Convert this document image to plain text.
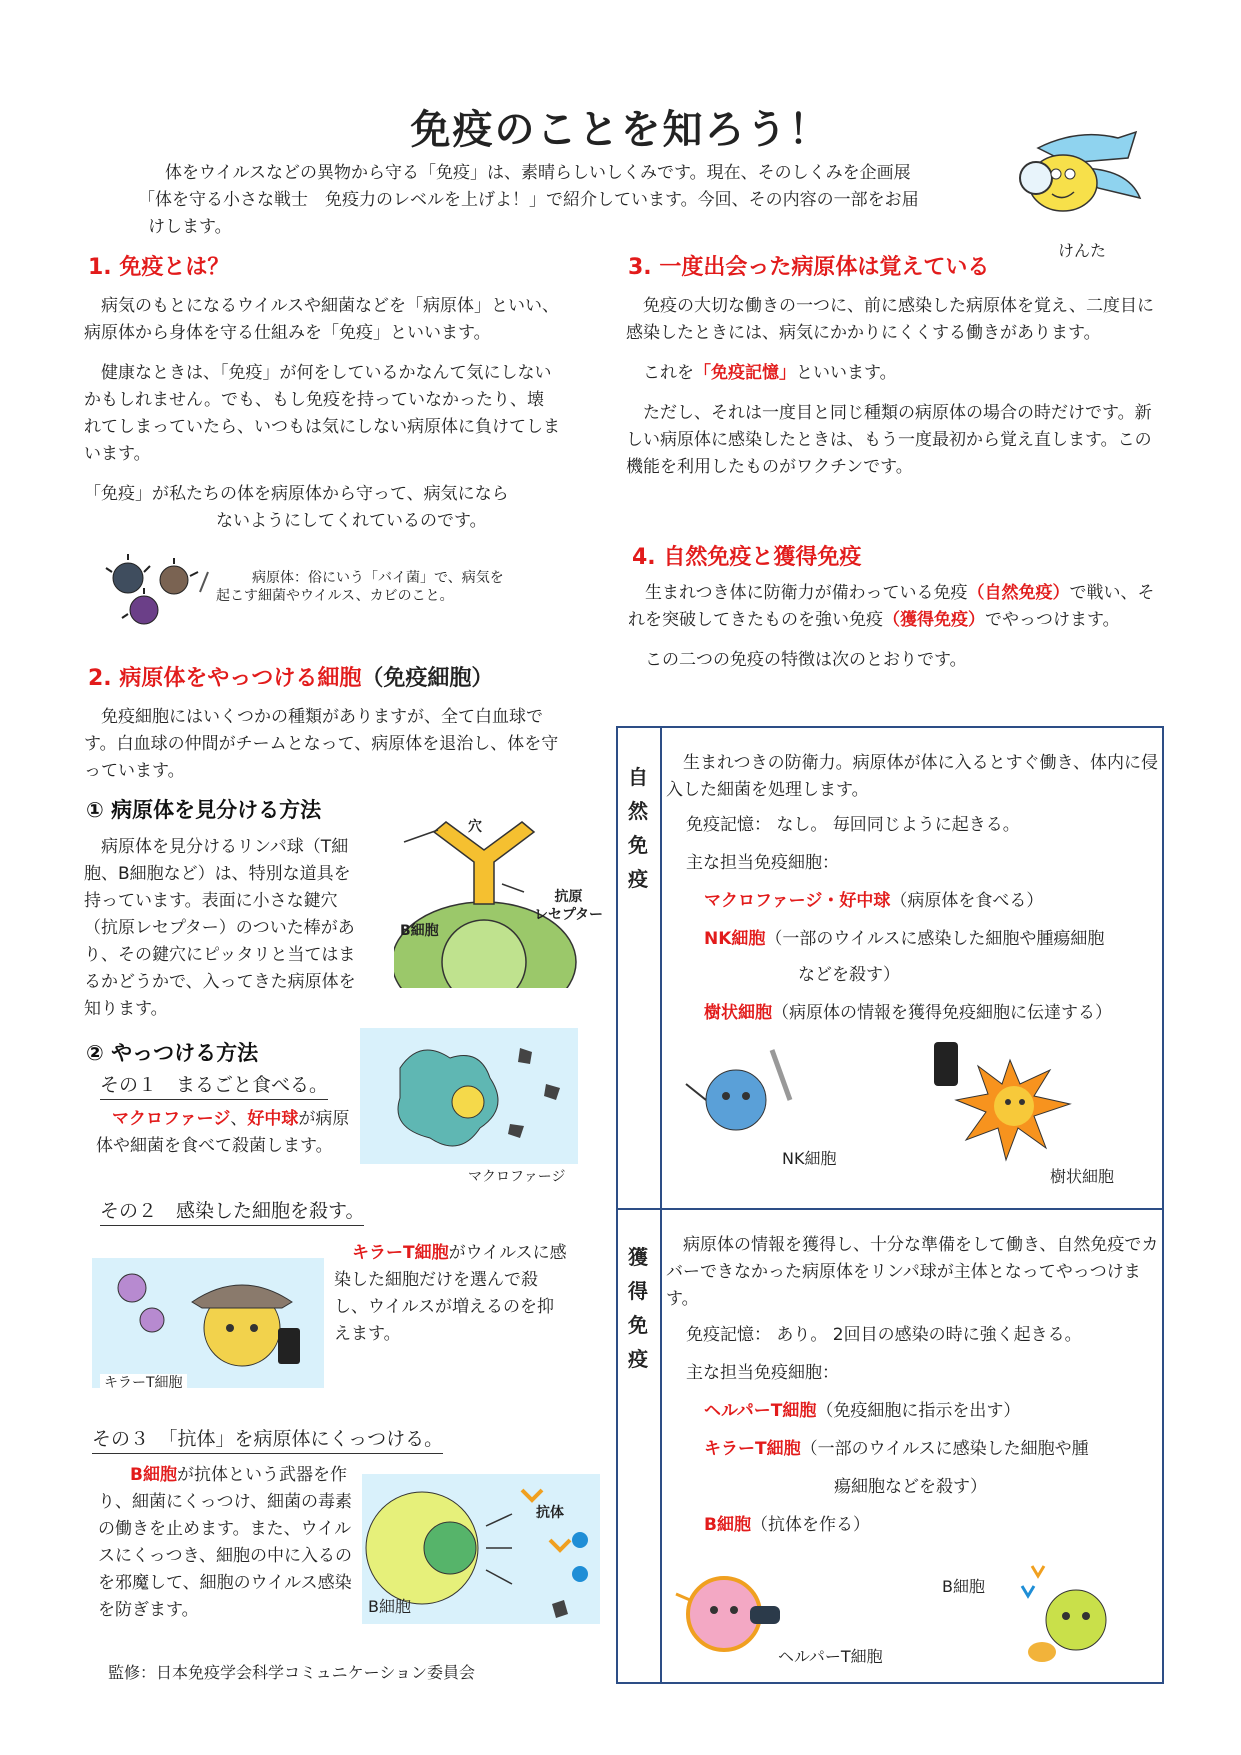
免疫のことを知ろう！

体をウイルスなどの異物から守る「免疫」は、素晴らしいしくみです。現在、そのしくみを企画展

「体を守る小さな戦士　免疫力のレベルを上げよ！」で紹介しています。今回、その内容の一部をお届

けします。

けんた
1. 免疫とは？

　病気のもとになるウイルスや細菌などを「病原体」といい、病原体から身体を守る仕組みを「免疫」といいます。

　健康なときは、「免疫」が何をしているかなんて気にしないかもしれません。でも、もし免疫を持っていなかったり、壊れてしまっていたら、いつもは気にしない病原体に負けてしまいます。

「免疫」が私たちの体を病原体から守って、病気になら

ないようにしてくれているのです。

病原体：俗にいう「バイ菌」で、病気を
起こす細菌やウイルス、カビのこと。
2. 病原体をやっつける細胞（免疫細胞）
　免疫細胞にはいくつかの種類がありますが、全て白血球です。白血球の仲間がチームとなって、病原体を退治し、体を守っています。
① 病原体を見分ける方法
　病原体を見分けるリンパ球（T細胞、B細胞など）は、特別な道具を持っています。表面に小さな鍵穴（抗原レセプター）のついた棒があり、その鍵穴にピッタリと当てはまるかどうかで、入ってきた病原体を知ります。
穴
抗原
レセプター
B細胞
② やっつける方法
その１　まるごと食べる。
マクロファージ、好中球が病原体や細菌を食べて殺菌します。
マクロファージ
その２　感染した細胞を殺す。
キラーT細胞がウイルスに感染した細胞だけを選んで殺し、ウイルスが増えるのを抑えます。
キラーT細胞
その３　「抗体」を病原体にくっつける。
B細胞が抗体という武器を作り、細菌にくっつけ、細菌の毒素の働きを止めます。また、ウイルスにくっつき、細胞の中に入るのを邪魔して、細胞のウイルス感染を防ぎます。
抗体
B細胞
監修：日本免疫学会科学コミュニケーション委員会
3. 一度出会った病原体は覚えている

　免疫の大切な働きの一つに、前に感染した病原体を覚え、二度目に感染したときには、病気にかかりにくくする働きがあります。

　これを「免疫記憶」といいます。

　ただし、それは一度目と同じ種類の病原体の場合の時だけです。新しい病原体に感染したときは、もう一度最初から覚え直します。この機能を利用したものがワクチンです。

4. 自然免疫と獲得免疫

　生まれつき体に防衛力が備わっている免疫（自然免疫）で戦い、それを突破してきたものを強い免疫（獲得免疫）でやっつけます。

　この二つの免疫の特徴は次のとおりです。

自
然
免
疫
　生まれつきの防衛力。病原体が体に入るとすぐ働き、体内に侵入した細菌を処理します。
免疫記憶： なし。 毎回同じように起きる。
主な担当免疫細胞：
マクロファージ・好中球（病原体を食べる）
NK細胞（一部のウイルスに感染した細胞や腫瘍細胞
などを殺す）
樹状細胞（病原体の情報を獲得免疫細胞に伝達する）
NK細胞
樹状細胞
獲
得
免
疫
　病原体の情報を獲得し、十分な準備をして働き、自然免疫でカバーできなかった病原体をリンパ球が主体となってやっつけます。
免疫記憶： あり。 2回目の感染の時に強く起きる。
主な担当免疫細胞：
ヘルパーT細胞（免疫細胞に指示を出す）
キラーT細胞（一部のウイルスに感染した細胞や腫
瘍細胞などを殺す）
B細胞（抗体を作る）
ヘルパーT細胞
B細胞
